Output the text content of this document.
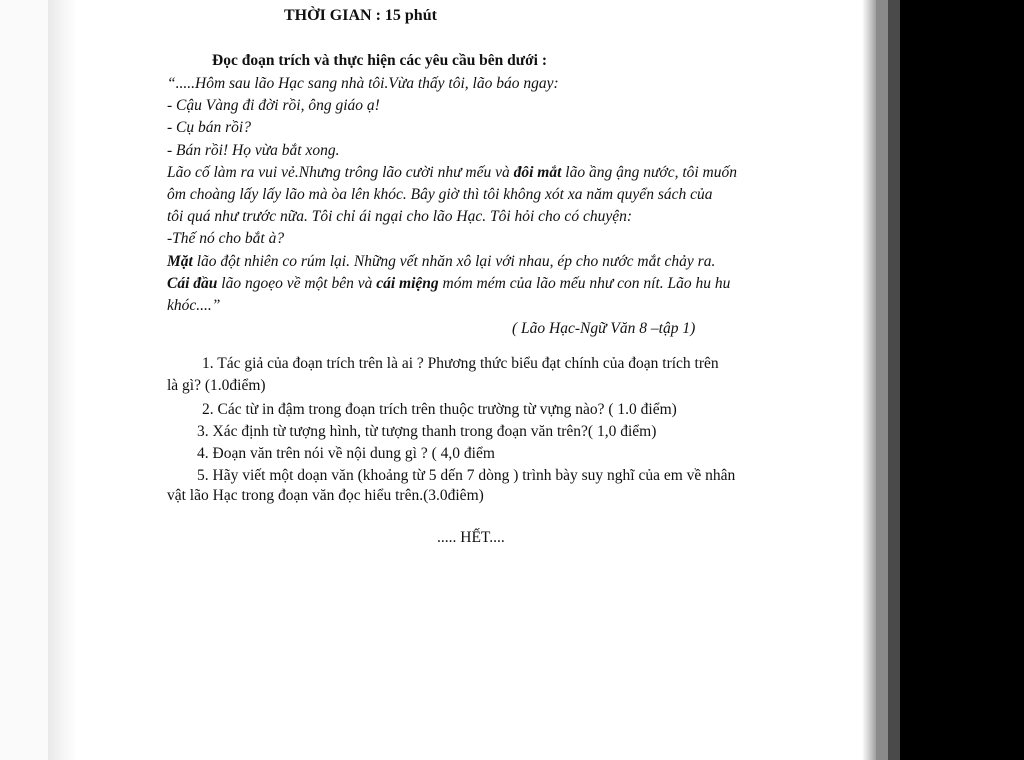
THỜI GIAN : 15 phút
Đọc đoạn trích và thực hiện các yêu cầu bên dưới :
“.....Hôm sau lão Hạc sang nhà tôi.Vừa thấy tôi, lão báo ngay:
- Cậu Vàng đi đời rồi, ông giáo ạ!
- Cụ bán rồi?
- Bán rồi! Họ vừa bắt xong.
Lão cố làm ra vui vẻ.Nhưng trông lão cười như mếu và đôi mắt lão ầng ậng nước, tôi muốn
ôm choàng lấy lấy lão mà òa lên khóc. Bây giờ thì tôi không xót xa năm quyển sách của
tôi quá như trước nữa. Tôi chỉ ái ngại cho lão Hạc. Tôi hỏi cho có chuyện:
-Thế nó cho bắt à?
Mặt lão đột nhiên co rúm lại. Những vết nhăn xô lại với nhau, ép cho nước mắt chảy ra.
Cái đầu lão ngoẹo về một bên và cái miệng móm mém của lão mếu như con nít. Lão hu hu
khóc....”
( Lão Hạc-Ngữ Văn 8 –tập 1)
1. Tác giả của đoạn trích trên là ai ? Phương thức biểu đạt chính của đoạn trích trên
là gì? (1.0điểm)
2. Các từ in đậm trong đoạn trích trên thuộc trường từ vựng nào? ( 1.0 điểm)
3. Xác định từ tượng hình, từ tượng thanh trong đoạn văn trên?( 1,0 điểm)
4. Đoạn văn trên nói về nội dung gì ? ( 4,0 điểm
5. Hãy viết một doạn văn (khoảng từ 5 dến 7 dòng ) trình bày suy nghĩ của em về nhân
vật lão Hạc trong đoạn văn đọc hiểu trên.(3.0điêm)
..... HẾT....
